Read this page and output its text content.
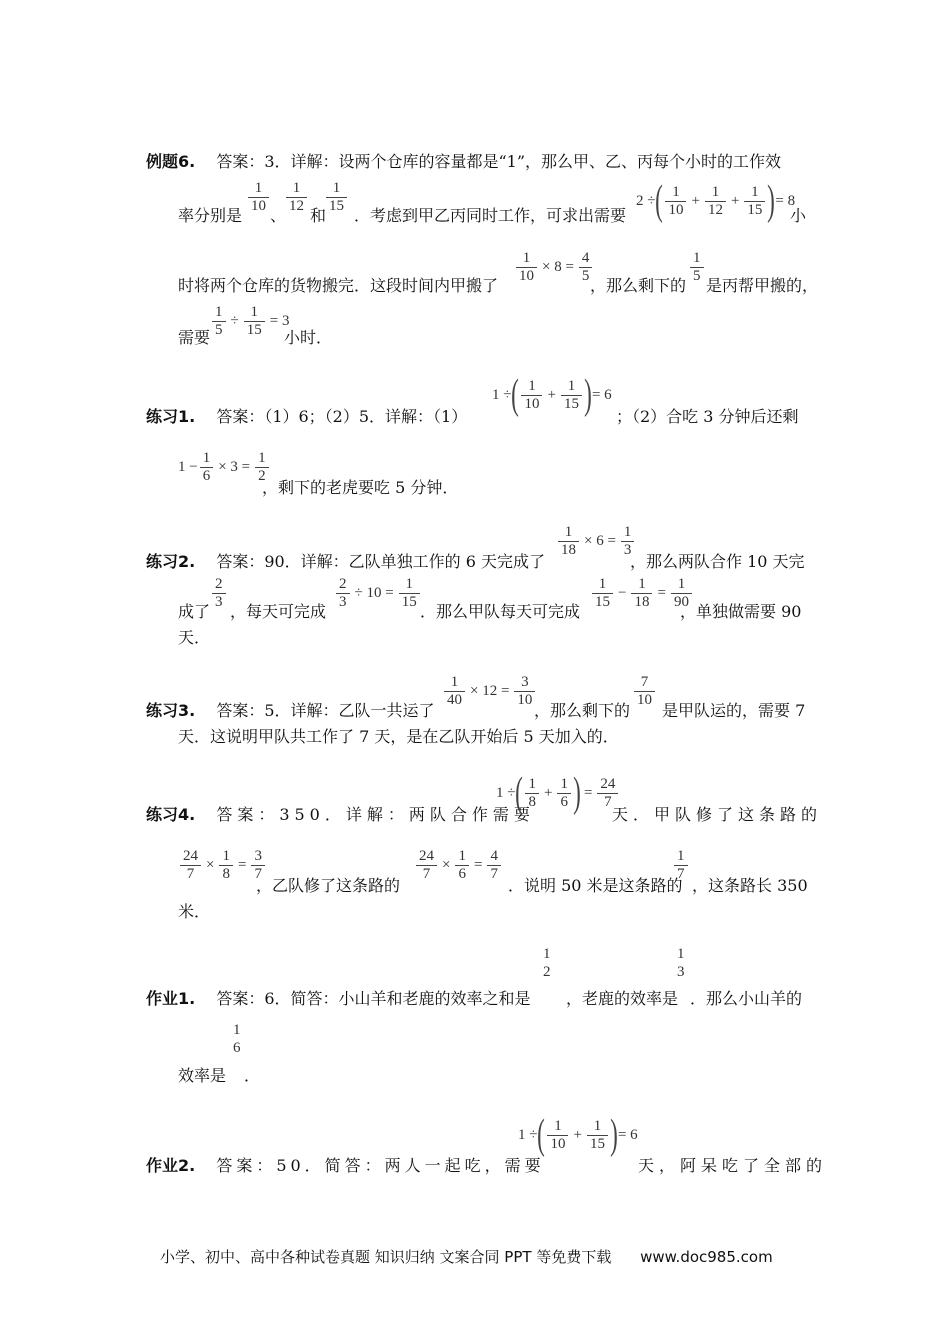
例题6. 答案：3．详解：设两个仓库的容量都是“1”，那么甲、乙、丙每个小时的工作效
率分别是
$\frac{1}{10}$
、
$\frac{1}{12}$
和
$\frac{1}{15}$
．考虑到甲乙丙同时工作，可求出需要
2 ÷ ( $\frac{1}{10} + \frac{1}{12} + \frac{1}{15}$ ) = 8
小
时将两个仓库的货物搬完．这段时间内甲搬了
$\frac{1}{10} \times 8 = \frac{4}{5}$
，那么剩下的
$\frac{1}{5}$
是丙帮甲搬的，
需要 $\frac{1}{5} \div \frac{1}{15} = 3$
小时．
练习1. 答案：（1）6；（2）5．详解：（1）
1 ÷ ( $\frac{1}{10} + \frac{1}{15}$ ) = 6
；（2）合吃 3 分钟后还剩
$1 - \frac{1}{6} \times 3 = \frac{1}{2}$
，剩下的老虎要吃 5 分钟．
练习2. 答案：90．详解：乙队单独工作的 6 天完成了
$\frac{1}{18} \times 6 = \frac{1}{3}$
，那么两队合作 10 天完
成了
$\frac{2}{3}$
，每天可完成
$\frac{2}{3} \div 10 = \frac{1}{15}$
．那么甲队每天可完成
$\frac{1}{15} - \frac{1}{18} = \frac{1}{90}$
，单独做需要 90
天．
练习3. 答案：5．详解：乙队一共运了
$\frac{1}{40} \times 12 = \frac{3}{10}$
，那么剩下的
$\frac{7}{10}$
是甲队运的，需要 7
天．这说明甲队共工作了 7 天，是在乙队开始后 5 天加入的．
练习4. 答案：350．详解：两队合作需要
1 ÷ ( $\frac{1}{8} + \frac{1}{6}$ ) = $\frac{24}{7}$
天．甲队修了这条路的
$\frac{24}{7} \times \frac{1}{8} = \frac{3}{7}$
，乙队修了这条路的
$\frac{24}{7} \times \frac{1}{6} = \frac{4}{7}$
．说明 50 米是这条路的
$\frac{1}{7}$
，这条路长 350
米．
作业1. 答案：6．简答：小山羊和老鹿的效率之和是
1
2
，老鹿的效率是
1
3
．那么小山羊的
效率是
1
6
．
1 ÷ ( $\frac{1}{10} + \frac{1}{15}$ ) = 6
作业2. 答案：50．简答：两人一起吃，需要	天，阿呆吃了全部的
小学、初中、高中各种试卷真题 知识归纳 文案合同 PPT 等免费下载 www.doc985.com
